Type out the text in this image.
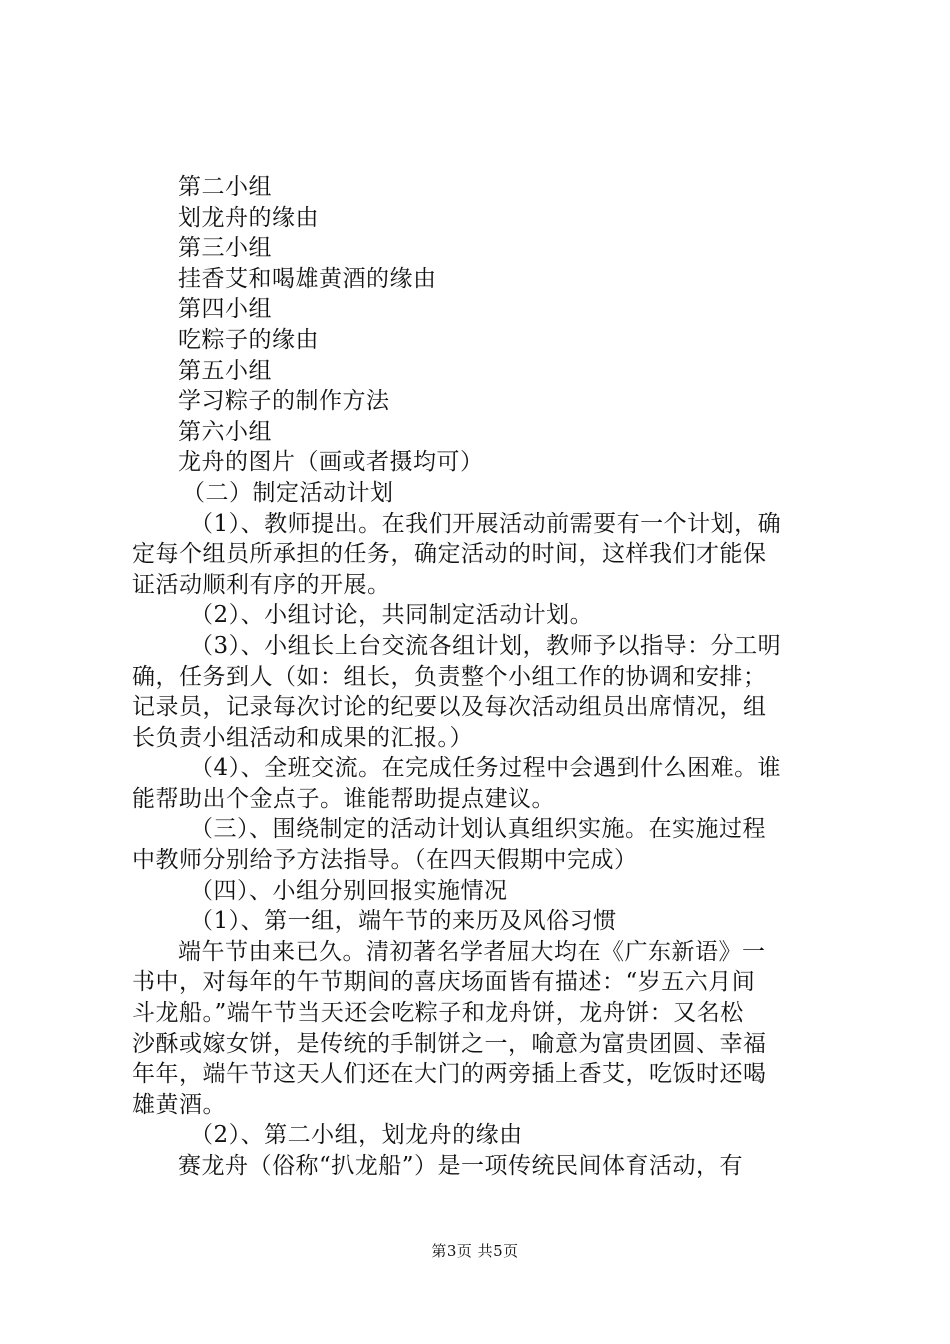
第二小组
划龙舟的缘由
第三小组
挂香艾和喝雄黄酒的缘由
第四小组
吃粽子的缘由
第五小组
学习粽子的制作方法
第六小组
龙舟的图片（画或者摄均可）
（二）制定活动计划
（1）、教师提出。在我们开展活动前需要有一个计划，确
定每个组员所承担的任务，确定活动的时间，这样我们才能保
证活动顺利有序的开展。
（2）、小组讨论，共同制定活动计划。
（3）、小组长上台交流各组计划，教师予以指导：分工明
确，任务到人（如：组长，负责整个小组工作的协调和安排；
记录员，记录每次讨论的纪要以及每次活动组员出席情况，组
长负责小组活动和成果的汇报。）
（4）、全班交流。在完成任务过程中会遇到什么困难。谁
能帮助出个金点子。谁能帮助提点建议。
（三）、围绕制定的活动计划认真组织实施。在实施过程
中教师分别给予方法指导。（在四天假期中完成）
（四）、小组分别回报实施情况
（1）、第一组，端午节的来历及风俗习惯
端午节由来已久。清初著名学者屈大均在《广东新语》一
书中，对每年的午节期间的喜庆场面皆有描述：“岁五六月间
斗龙船。”端午节当天还会吃粽子和龙舟饼，龙舟饼：又名松
沙酥或嫁女饼，是传统的手制饼之一，喻意为富贵团圆、幸福
年年，端午节这天人们还在大门的两旁插上香艾，吃饭时还喝
雄黄酒。
（2）、第二小组，划龙舟的缘由
赛龙舟（俗称“扒龙船”）是一项传统民间体育活动，有
第3页 共5页
